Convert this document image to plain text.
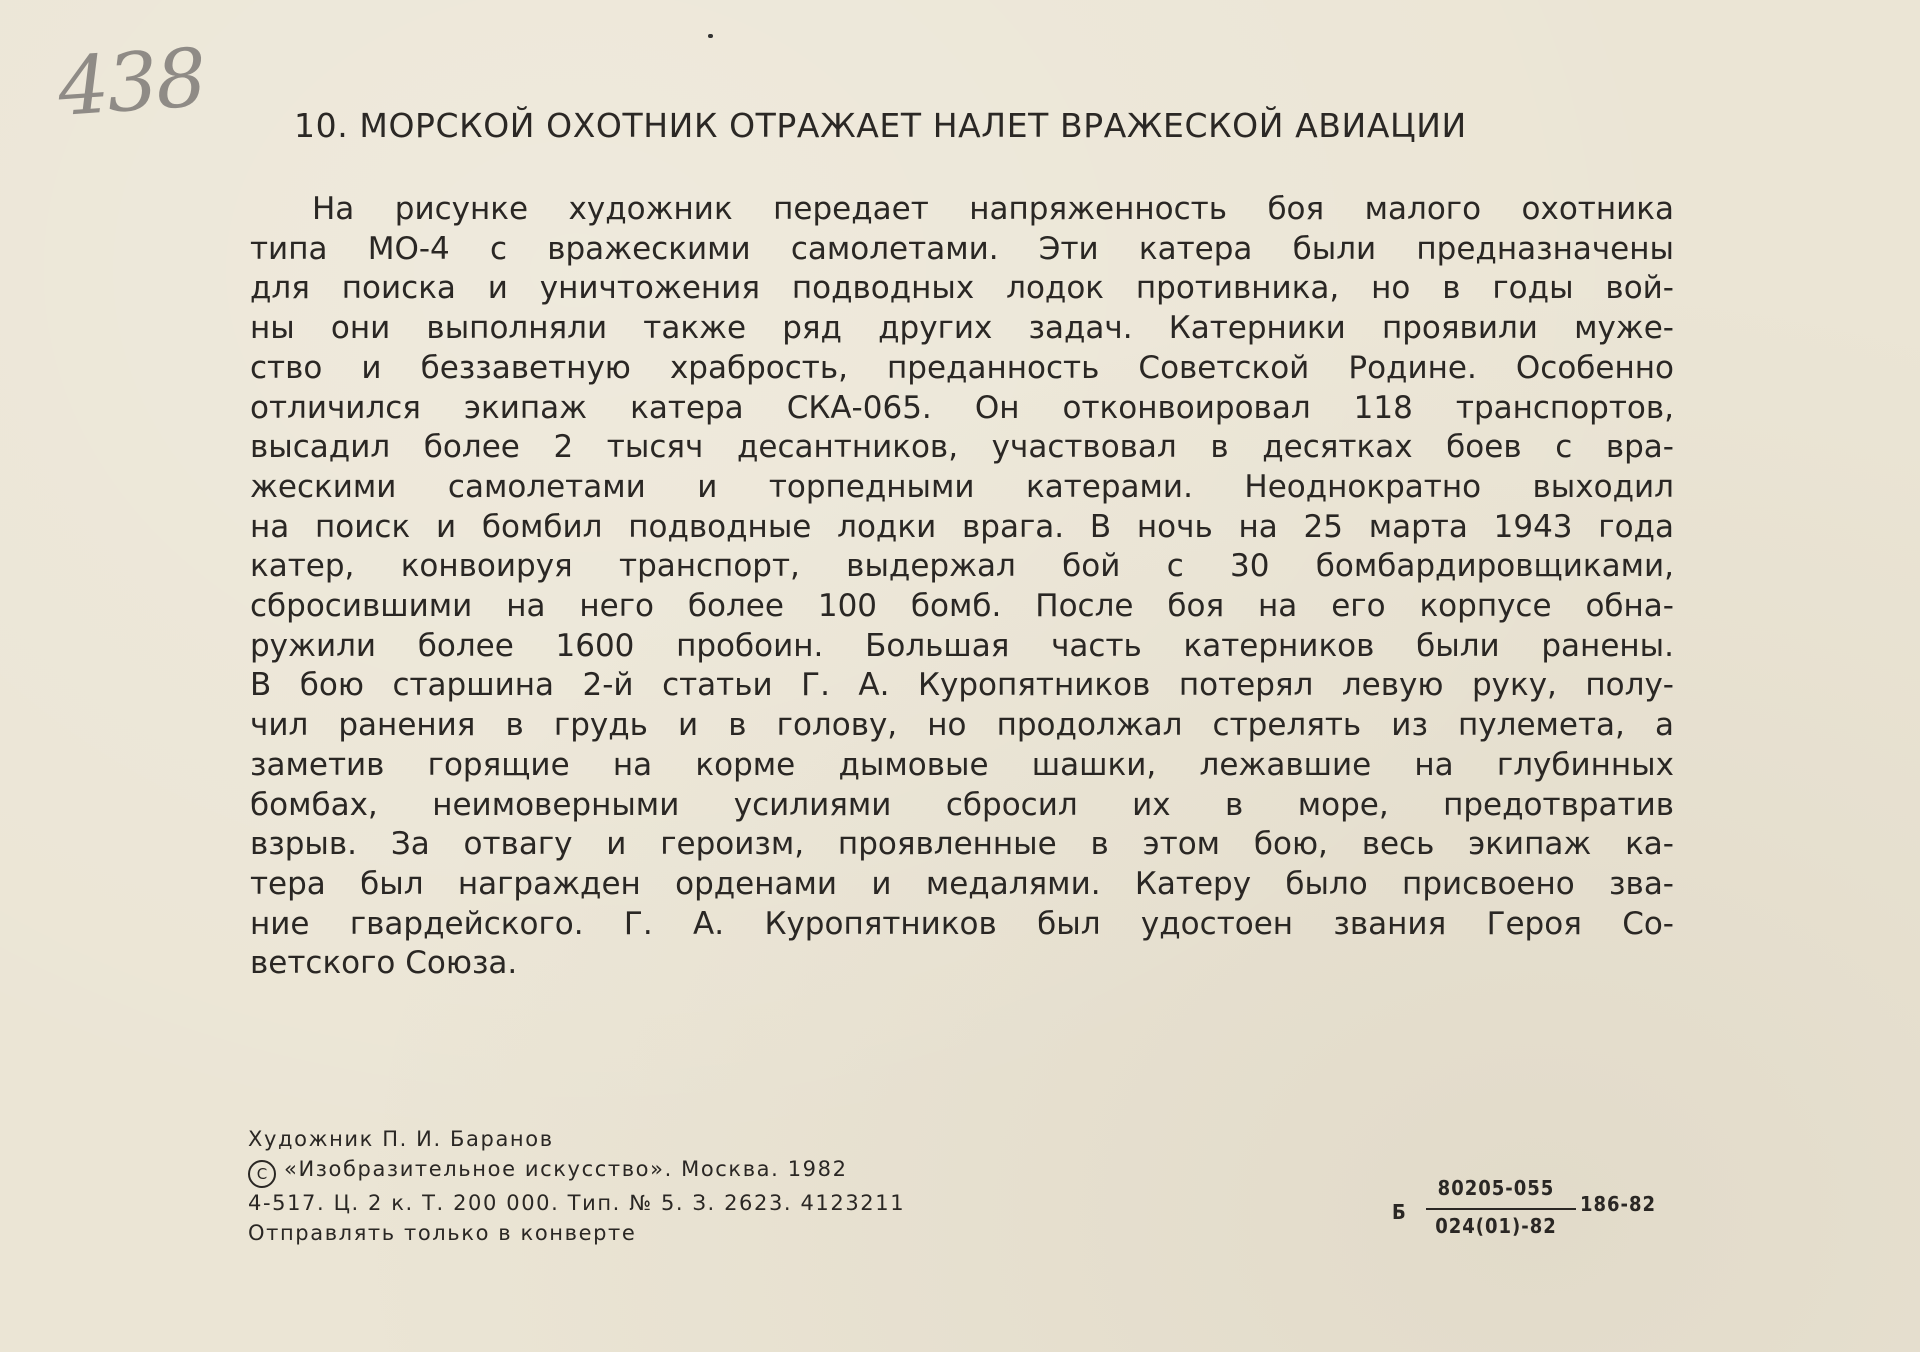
438	10. МОРСКОЙ ОХОТНИК ОТРАЖАЕТ НАЛЕТ ВРАЖЕСКОЙ АВИАЦИИ
На рисунке художник передает напряженность боя малого охотника
типа МО-4 с вражескими самолетами. Эти катера были предназначены
для поиска и уничтожения подводных лодок противника, но в годы вой-
ны они выполняли также ряд других задач. Катерники проявили муже-
ство и беззаветную храбрость, преданность Советской Родине. Особенно
отличился экипаж катера СКА-065. Он отконвоировал 118 транспортов,
высадил более 2 тысяч десантников, участвовал в десятках боев с вра-
жескими самолетами и торпедными катерами. Неоднократно выходил
на поиск и бомбил подводные лодки врага. В ночь на 25 марта 1943 года
катер, конвоируя транспорт, выдержал бой с 30 бомбардировщиками,
сбросившими на него более 100 бомб. После боя на его корпусе обна-
ружили более 1600 пробоин. Большая часть катерников были ранены.
В бою старшина 2-й статьи Г. А. Куропятников потерял левую руку, полу-
чил ранения в грудь и в голову, но продолжал стрелять из пулемета, а
заметив горящие на корме дымовые шашки, лежавшие на глубинных
бомбах, неимоверными усилиями сбросил их в море, предотвратив
взрыв. За отвагу и героизм, проявленные в этом бою, весь экипаж ка-
тера был награжден орденами и медалями. Катеру было присвоено зва-
ние гвардейского. Г. А. Куропятников был удостоен звания Героя Со-
ветского Союза.
Художник П. И. Баранов
C «Изобразительное искусство». Москва. 1982
4-517. Ц. 2 к. Т. 200 000. Тип. № 5. З. 2623. 4123211
Отправлять только в конверте
Б
80205-055
024(01)-82
186-82
